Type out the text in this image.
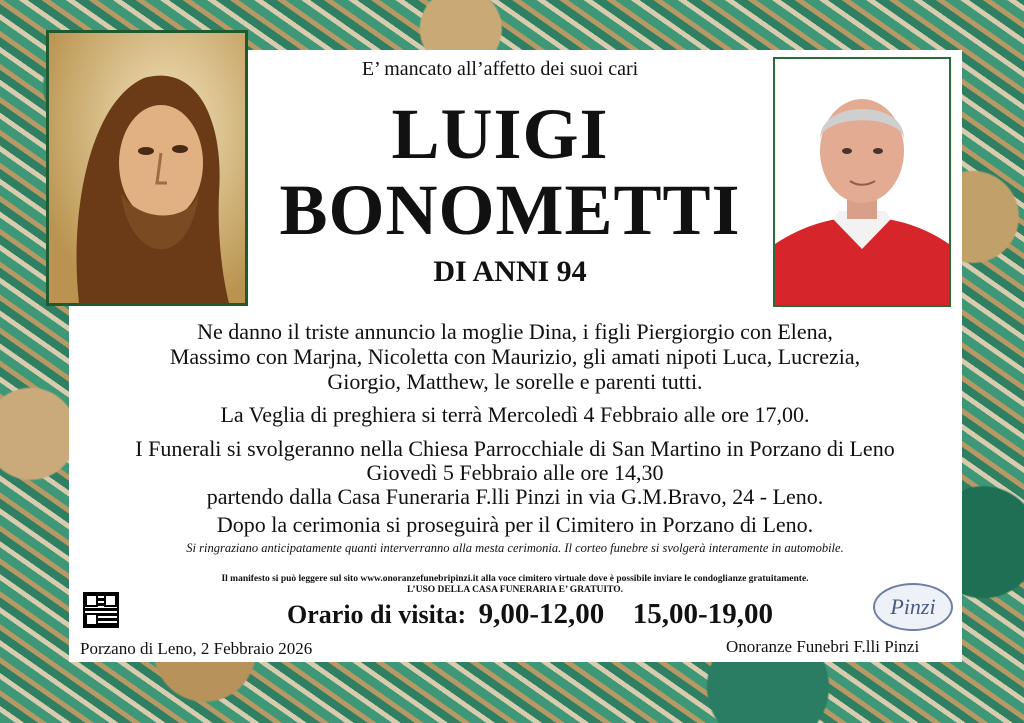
E’ mancato all’affetto dei suoi cari
LUIGI
BONOMETTI
DI ANNI 94
Ne danno il triste annuncio la moglie Dina, i figli Piergiorgio con Elena,
Massimo con Marjna, Nicoletta con Maurizio, gli amati nipoti Luca, Lucrezia,
Giorgio, Matthew, le sorelle e parenti tutti.
La Veglia di preghiera si terrà Mercoledì 4 Febbraio alle ore 17,00.
I Funerali si svolgeranno nella Chiesa Parrocchiale di San Martino in Porzano di Leno
Giovedì 5 Febbraio alle ore 14,30
partendo dalla Casa Funeraria F.lli Pinzi in via G.M.Bravo, 24 - Leno.
Dopo la cerimonia si proseguirà per il Cimitero in Porzano di Leno.
Si ringraziano anticipatamente quanti interverranno alla mesta cerimonia. Il corteo funebre si svolgerà interamente in automobile.
Il manifesto si può leggere sul sito www.onoranzefunebripinzi.it alla voce cimitero virtuale dove è possibile inviare le condoglianze gratuitamente.
L’USO DELLA CASA FUNERARIA E’ GRATUITO.
Orario di visita: 9,00-12,00 15,00-19,00	Pinzi
Porzano di Leno, 2 Febbraio 2026	Onoranze Funebri F.lli Pinzi
